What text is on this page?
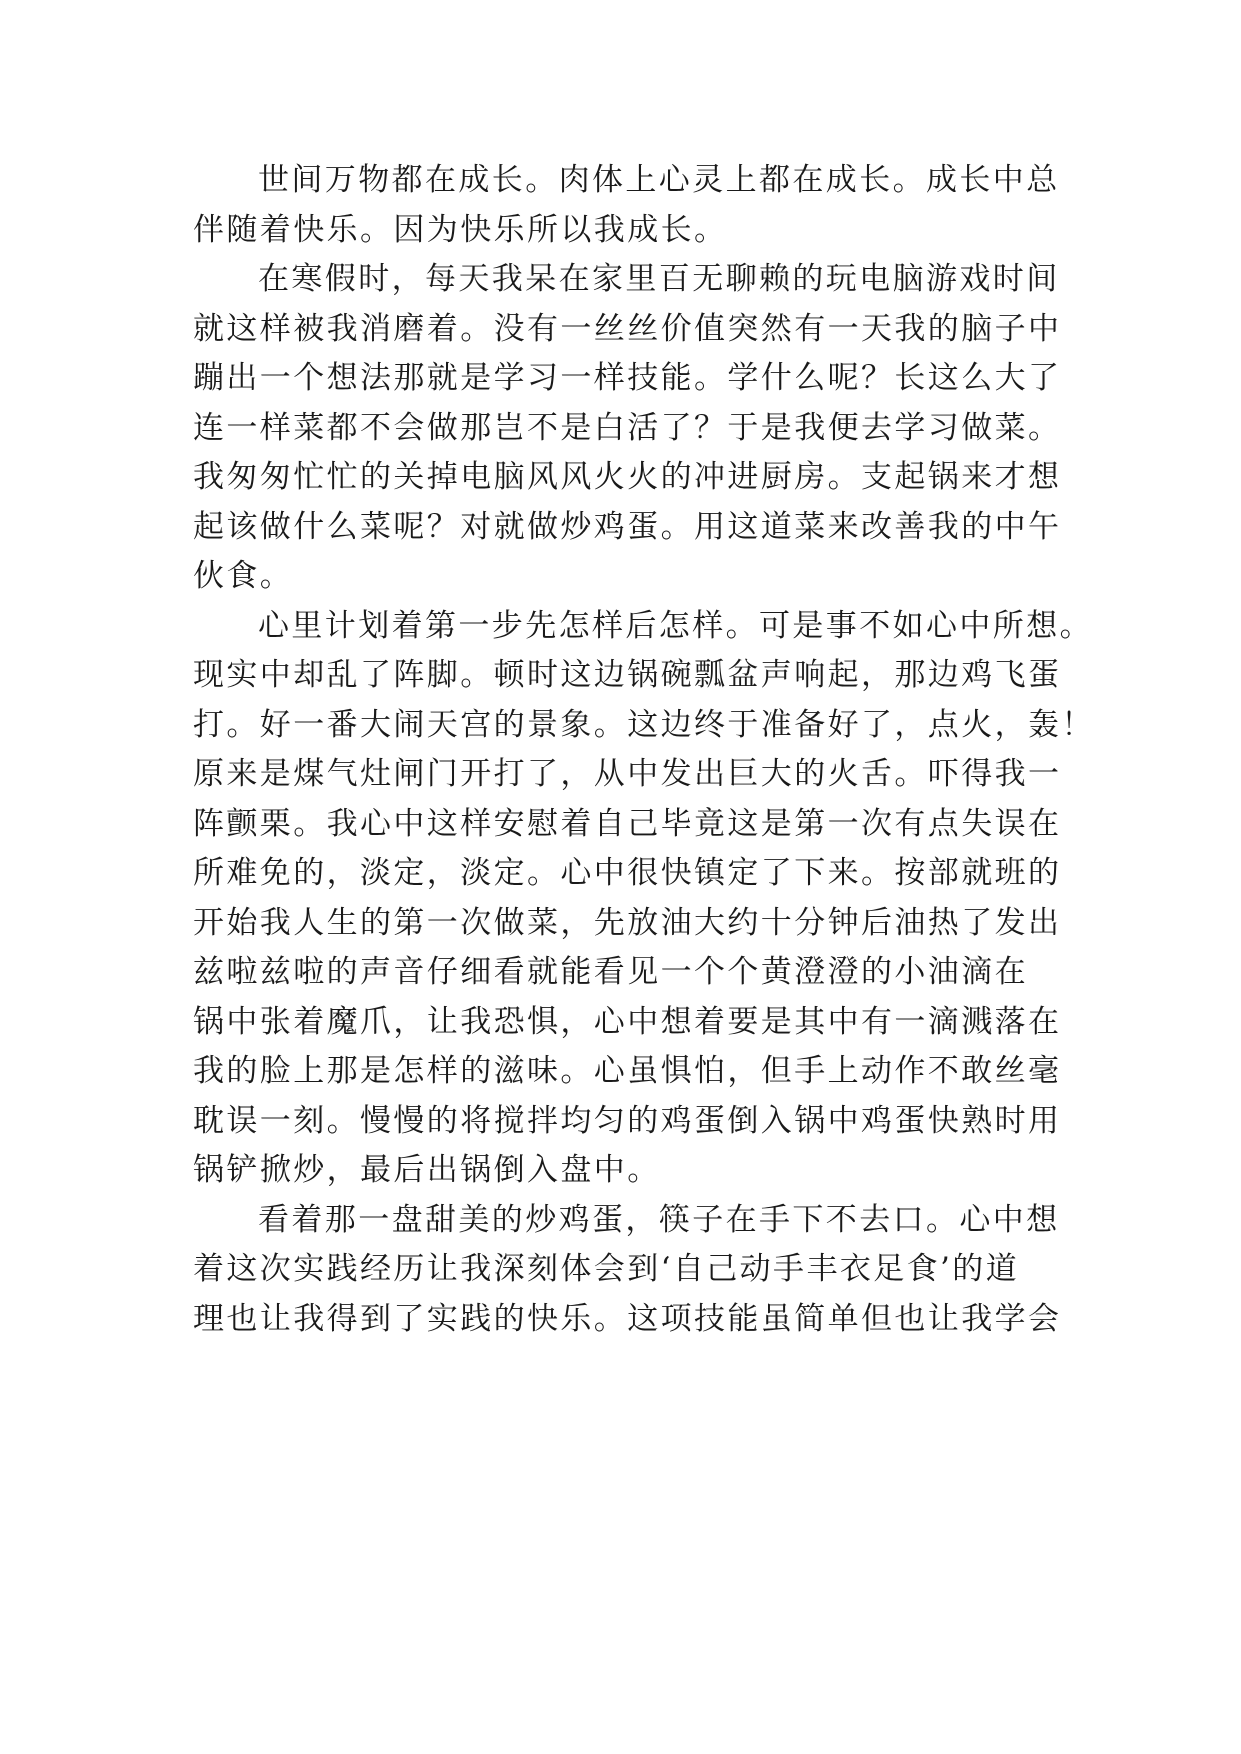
世间万物都在成长。肉体上心灵上都在成长。成长中总
伴随着快乐。因为快乐所以我成长。
在寒假时，每天我呆在家里百无聊赖的玩电脑游戏时间
就这样被我消磨着。没有一丝丝价值突然有一天我的脑子中
蹦出一个想法那就是学习一样技能。学什么呢？长这么大了
连一样菜都不会做那岂不是白活了？于是我便去学习做菜。
我匆匆忙忙的关掉电脑风风火火的冲进厨房。支起锅来才想
起该做什么菜呢？对就做炒鸡蛋。用这道菜来改善我的中午
伙食。
心里计划着第一步先怎样后怎样。可是事不如心中所想。
现实中却乱了阵脚。顿时这边锅碗瓢盆声响起，那边鸡飞蛋
打。好一番大闹天宫的景象。这边终于准备好了，点火，轰！
原来是煤气灶闸门开打了，从中发出巨大的火舌。吓得我一
阵颤栗。我心中这样安慰着自己毕竟这是第一次有点失误在
所难免的，淡定，淡定。心中很快镇定了下来。按部就班的
开始我人生的第一次做菜，先放油大约十分钟后油热了发出
兹啦兹啦的声音仔细看就能看见一个个黄澄澄的小油滴在
锅中张着魔爪，让我恐惧，心中想着要是其中有一滴溅落在
我的脸上那是怎样的滋味。心虽惧怕，但手上动作不敢丝毫
耽误一刻。慢慢的将搅拌均匀的鸡蛋倒入锅中鸡蛋快熟时用
锅铲掀炒，最后出锅倒入盘中。
看着那一盘甜美的炒鸡蛋，筷子在手下不去口。心中想
着这次实践经历让我深刻体会到‘自己动手丰衣足食’的道
理也让我得到了实践的快乐。这项技能虽简单但也让我学会
